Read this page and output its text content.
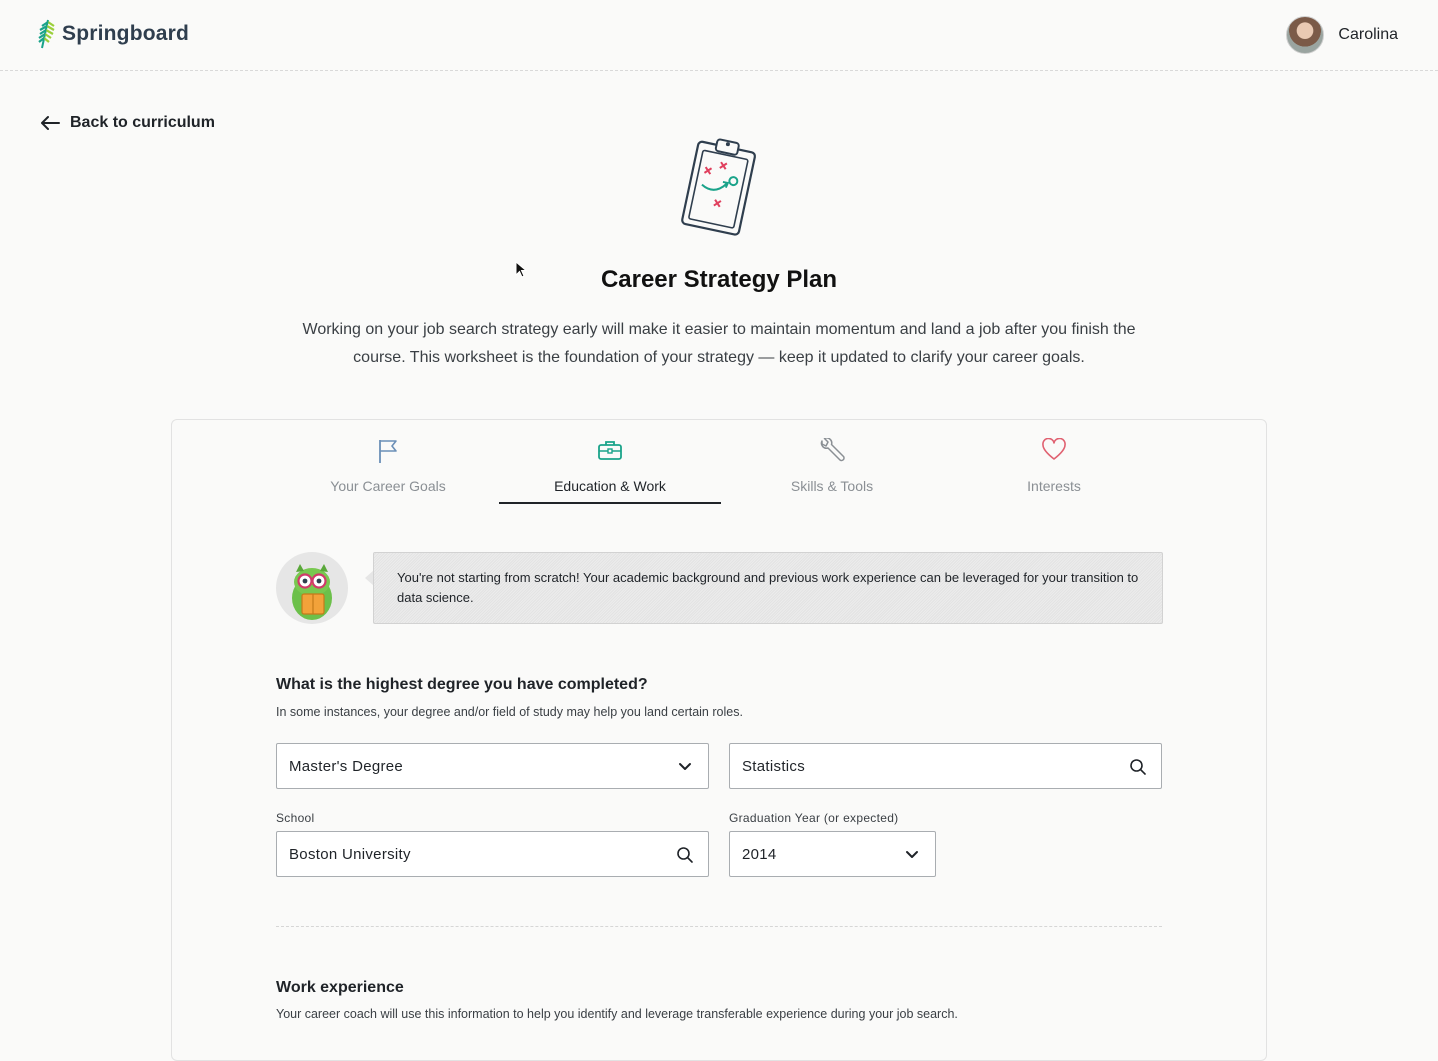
Springboard	Carolina
Back to curriculum
Career Strategy Plan
Working on your job search strategy early will make it easier to maintain momentum and land a job after you finish the
course. This worksheet is the foundation of your strategy — keep it updated to clarify your career goals.
Your Career Goals	Education & Work	Skills & Tools	Interests
You're not starting from scratch! Your academic background and previous work experience can be leveraged for your transition to data science.
What is the highest degree you have completed?
In some instances, your degree and/or field of study may help you land certain roles.
Master's Degree	Statistics
School	Graduation Year (or expected)
Boston University	2014
Work experience
Your career coach will use this information to help you identify and leverage transferable experience during your job search.
